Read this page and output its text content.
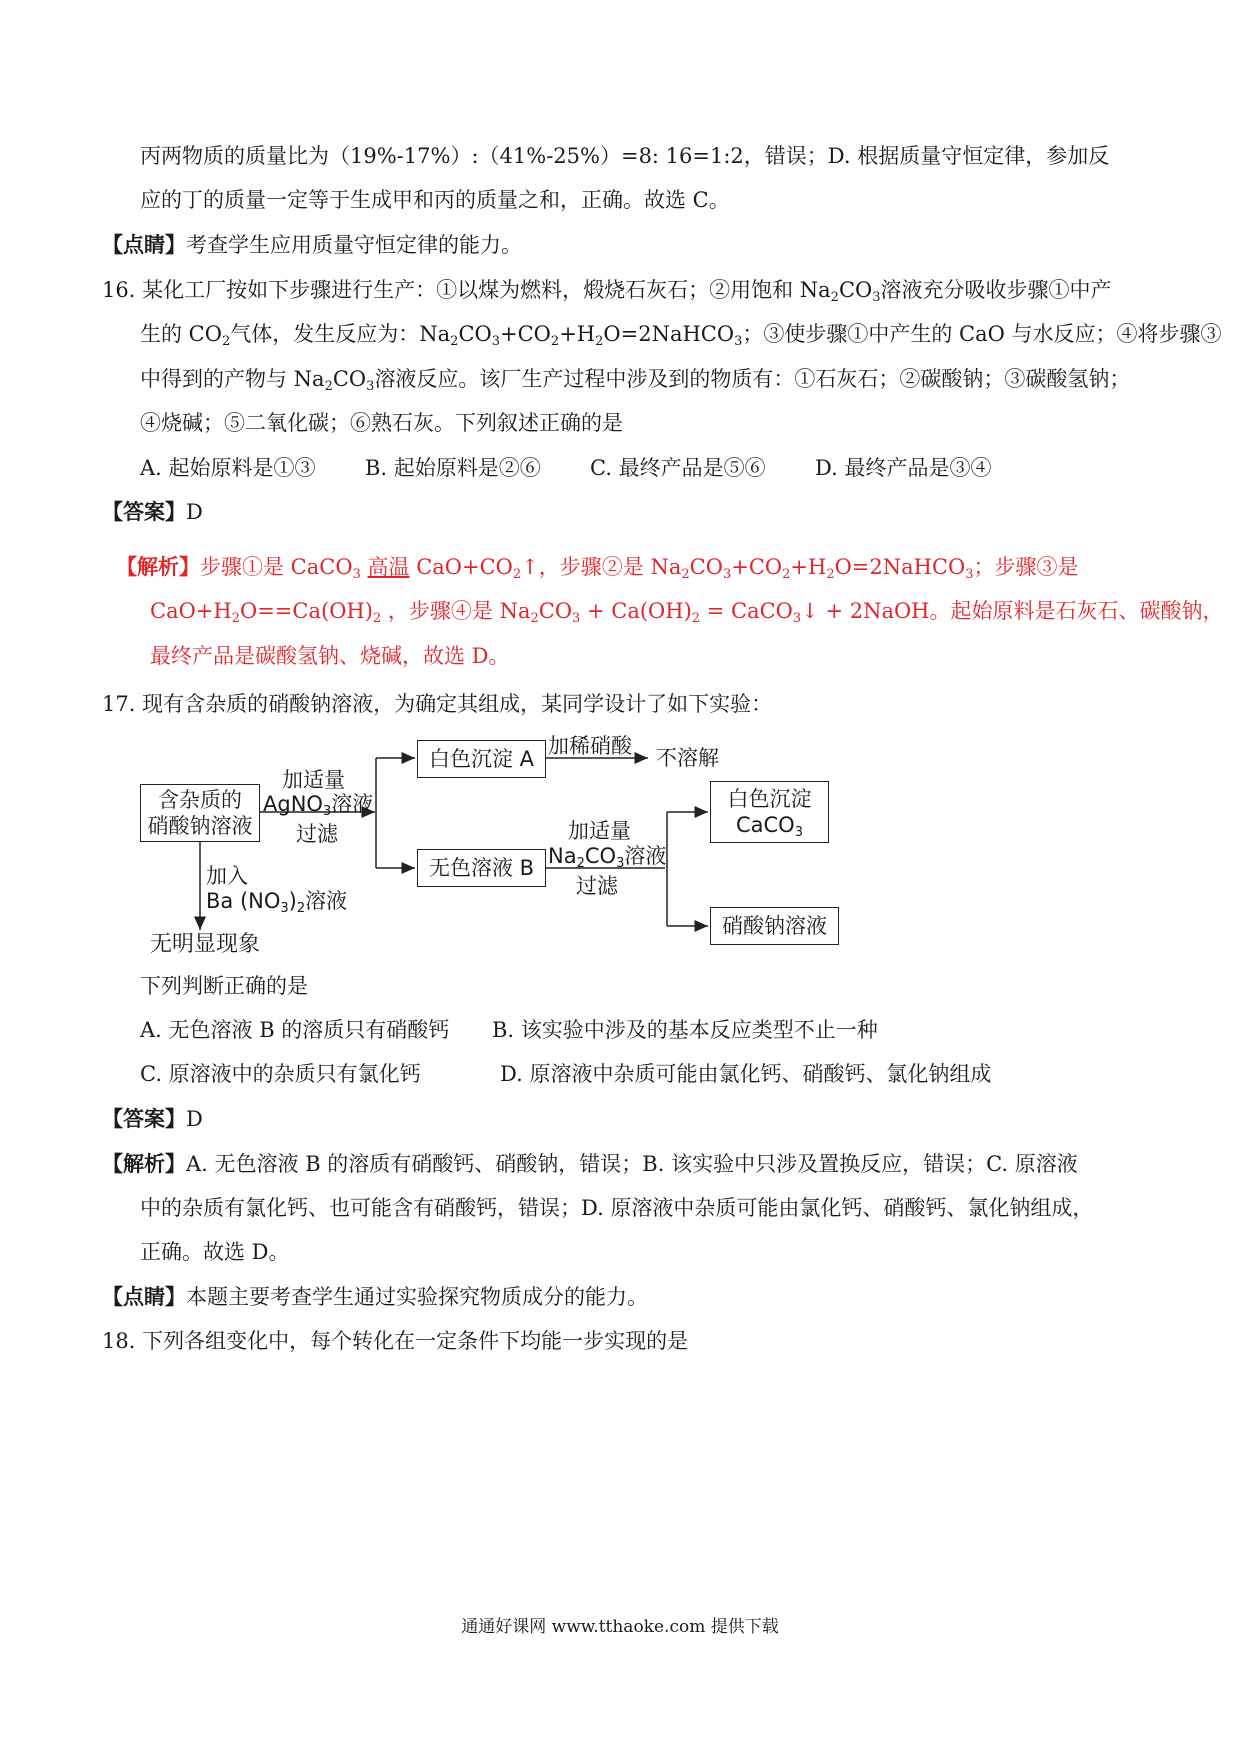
丙两物质的质量比为（19%-17%）:（41%-25%）=8: 16=1:2，错误；D. 根据质量守恒定律，参加反
应的丁的质量一定等于生成甲和丙的质量之和，正确。故选 C。
【点睛】考查学生应用质量守恒定律的能力。
16. 某化工厂按如下步骤进行生产：①以煤为燃料，煅烧石灰石；②用饱和 $Na_2CO_3$溶液充分吸收步骤①中产
生的 $CO_2$气体，发生反应为：$Na_2CO_3+CO_2+H_2O=2NaHCO_3$；③使步骤①中产生的 CaO 与水反应；④将步骤③
中得到的产物与 $Na_2CO_3$溶液反应。该厂生产过程中涉及到的物质有：①石灰石；②碳酸钠；③碳酸氢钠；
④烧碱；⑤二氧化碳；⑥熟石灰。下列叙述正确的是
A. 起始原料是①③ B. 起始原料是②⑥ C. 最终产品是⑤⑥ D. 最终产品是③④
【答案】D
【解析】步骤①是 CaCO$_3$ 高温 $CaO+CO_2↑$，步骤②是 $Na_2CO_3+CO_2+H_2O=2NaHCO_3$；步骤③是
$CaO+H_2O==Ca(OH)_2$ ，步骤④是 $Na_2CO_3 + Ca(OH)_2$ = CaCO$_3$↓ + 2NaOH。起始原料是石灰石、碳酸钠，
最终产品是碳酸氢钠、烧碱，故选 D。
17. 现有含杂质的硝酸钠溶液，为确定其组成，某同学设计了如下实验：
含杂质的
硝酸钠溶液
加适量
AgNO$_3$溶液
过滤
白色沉淀 A
加稀硝酸 不溶解
无色溶液 B
加适量
$Na_2CO_3$溶液
过滤
白色沉淀
CaCO$_3$
硝酸钠溶液
加入
Ba $(NO_3)_2$溶液
无明显现象
下列判断正确的是
A. 无色溶液 B 的溶质只有硝酸钙 B. 该实验中涉及的基本反应类型不止一种
C. 原溶液中的杂质只有氯化钙	D. 原溶液中杂质可能由氯化钙、硝酸钙、氯化钠组成
【答案】D
【解析】A. 无色溶液 B 的溶质有硝酸钙、硝酸钠，错误；B. 该实验中只涉及置换反应，错误；C. 原溶液
中的杂质有氯化钙、也可能含有硝酸钙，错误；D. 原溶液中杂质可能由氯化钙、硝酸钙、氯化钠组成，
正确。故选 D。
【点睛】本题主要考查学生通过实验探究物质成分的能力。
18. 下列各组变化中，每个转化在一定条件下均能一步实现的是
通通好课网 www.tthaoke.com 提供下载
